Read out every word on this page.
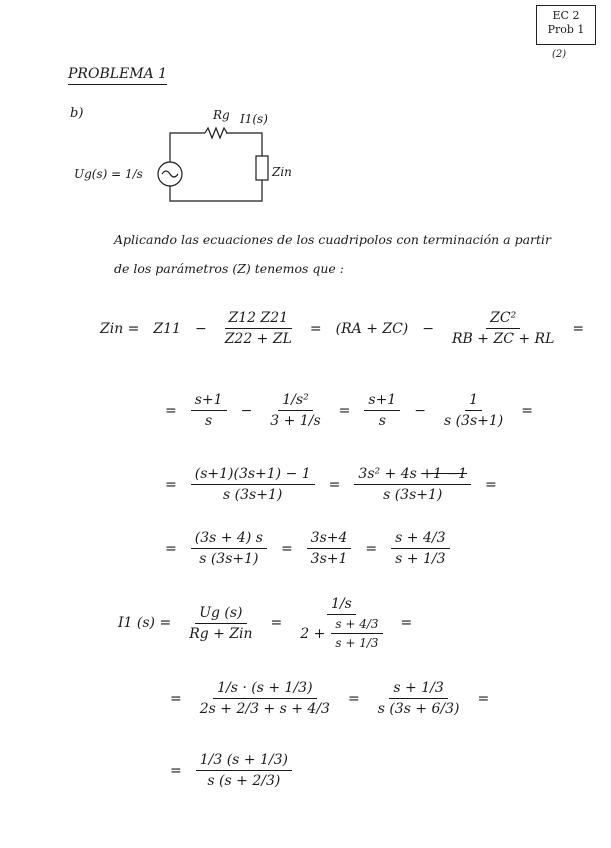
EC 2
Prob 1
(2)
PROBLEMA 1
b)	Rg I1(s)
Ug(s) = 1/s	Zin
Aplicando las ecuaciones de los cuadripolos con terminación a partir
de los parámetros (Z) tenemos que :
Zin = $Z11 - \frac{Z12 Z21}{Z22 + ZL} = (RA + ZC) - \frac{\text{ZC²}}{RB + ZC + RL}$ =
= $\frac{s+1}{s} - \frac{\text{1/s²}}{3 + 1/s} = \frac{s+1}{s} - \frac{1}{s (3s+1)}$ =
= $\frac{(s+1)(3s+1) - 1}{s (3s+1)} = \frac{\text{3s² + 4s +1 −1}}{s (3s+1)}$ =
= $\frac{(3s + 4) s}{s (3s+1)} = \frac{3s+4}{3s+1} = \frac{s + 4/3}{s + 1/3}$
I1 $(s) = \frac{Ug (s)}{\text{Rg + Zin}} = \frac{1/s}{2 + \frac{s + 4/3}{s + 1/3}}$ =
= $\frac{1/s \cdot (s + 1/3)}{2s + 2/3 + s + 4/3} = \frac{s + 1/3}{s (3s + 6/3)}$ =
= $\frac{1/3 (s + 1/3)}{s (s + 2/3)}$
